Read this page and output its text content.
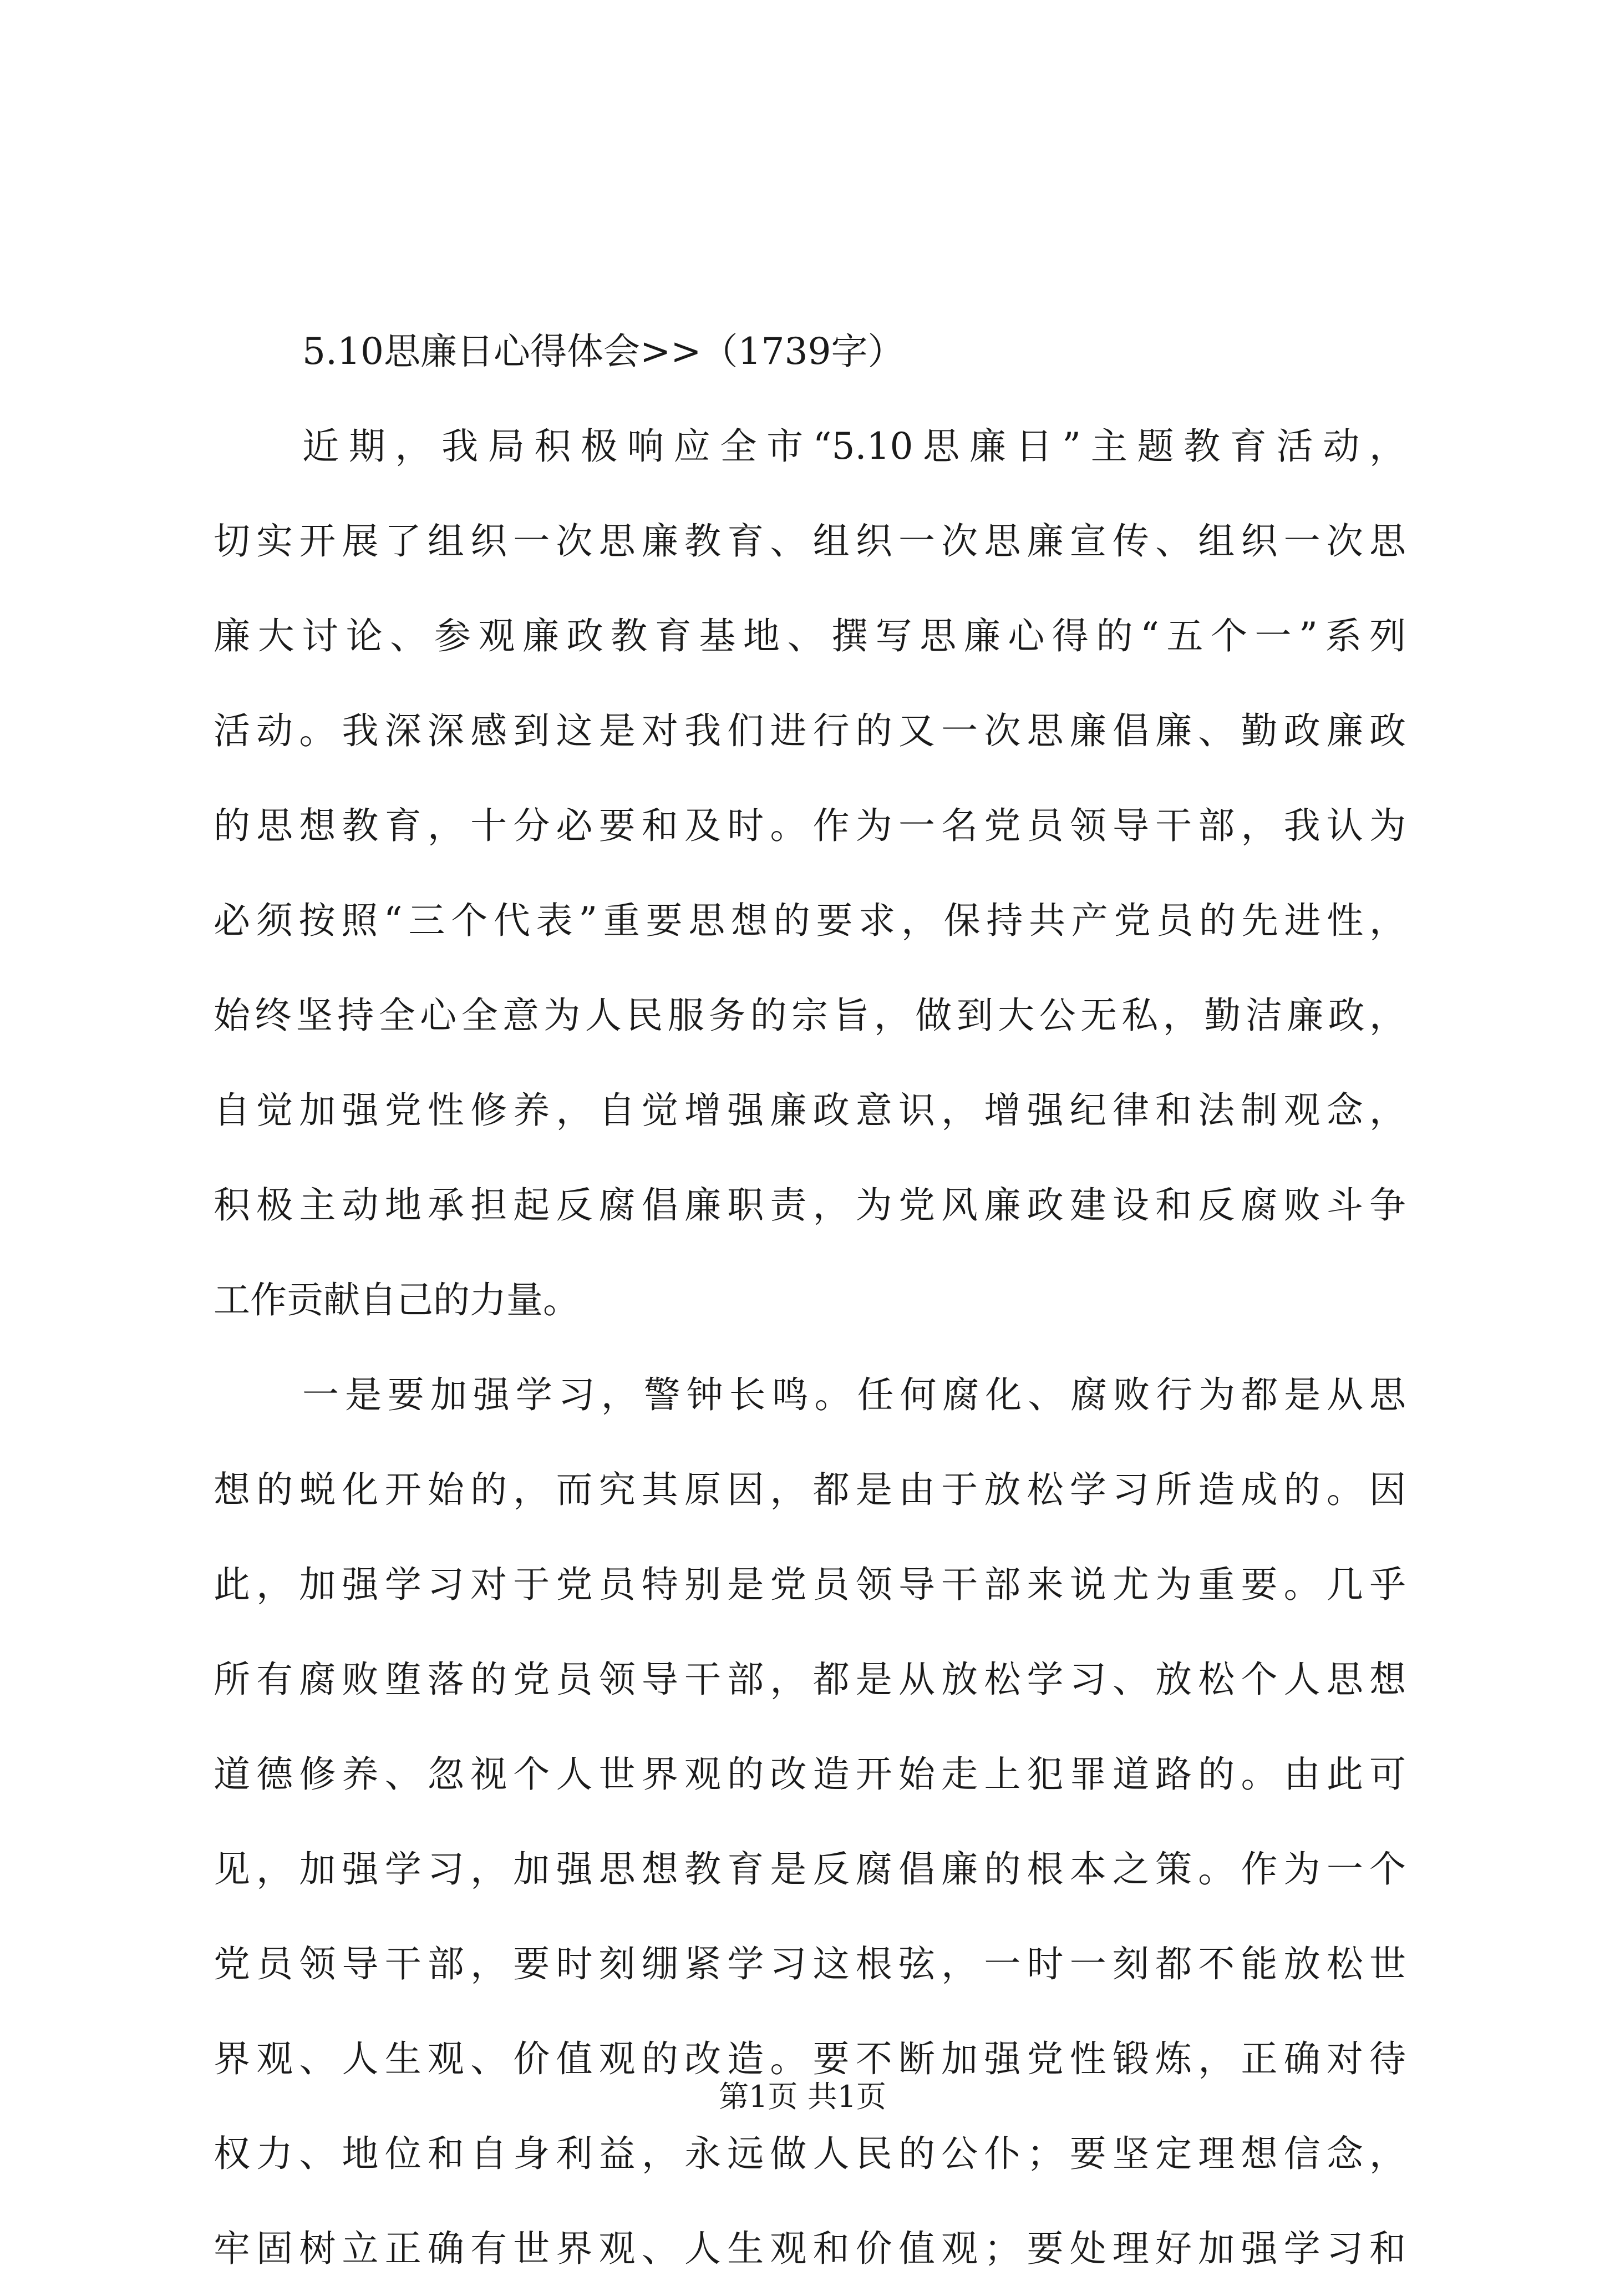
5.10思廉日心得体会>>（1739字）
近期，我局积极响应全市“5.10思廉日”主题教育活动，
切实开展了组织一次思廉教育、组织一次思廉宣传、组织一次思
廉大讨论、参观廉政教育基地、撰写思廉心得的“五个一”系列
活动。我深深感到这是对我们进行的又一次思廉倡廉、勤政廉政
的思想教育，十分必要和及时。作为一名党员领导干部，我认为
必须按照“三个代表”重要思想的要求，保持共产党员的先进性，
始终坚持全心全意为人民服务的宗旨，做到大公无私，勤洁廉政，
自觉加强党性修养，自觉增强廉政意识，增强纪律和法制观念，
积极主动地承担起反腐倡廉职责，为党风廉政建设和反腐败斗争
工作贡献自己的力量。
一是要加强学习，警钟长鸣。任何腐化、腐败行为都是从思
想的蜕化开始的，而究其原因，都是由于放松学习所造成的。因
此，加强学习对于党员特别是党员领导干部来说尤为重要。几乎
所有腐败堕落的党员领导干部，都是从放松学习、放松个人思想
道德修养、忽视个人世界观的改造开始走上犯罪道路的。由此可
见，加强学习，加强思想教育是反腐倡廉的根本之策。作为一个
党员领导干部，要时刻绷紧学习这根弦，一时一刻都不能放松世
界观、人生观、价值观的改造。要不断加强党性锻炼，正确对待
权力、地位和自身利益，永远做人民的公仆；要坚定理想信念，
牢固树立正确有世界观、人生观和价值观；要处理好加强学习和
第1页 共1页
